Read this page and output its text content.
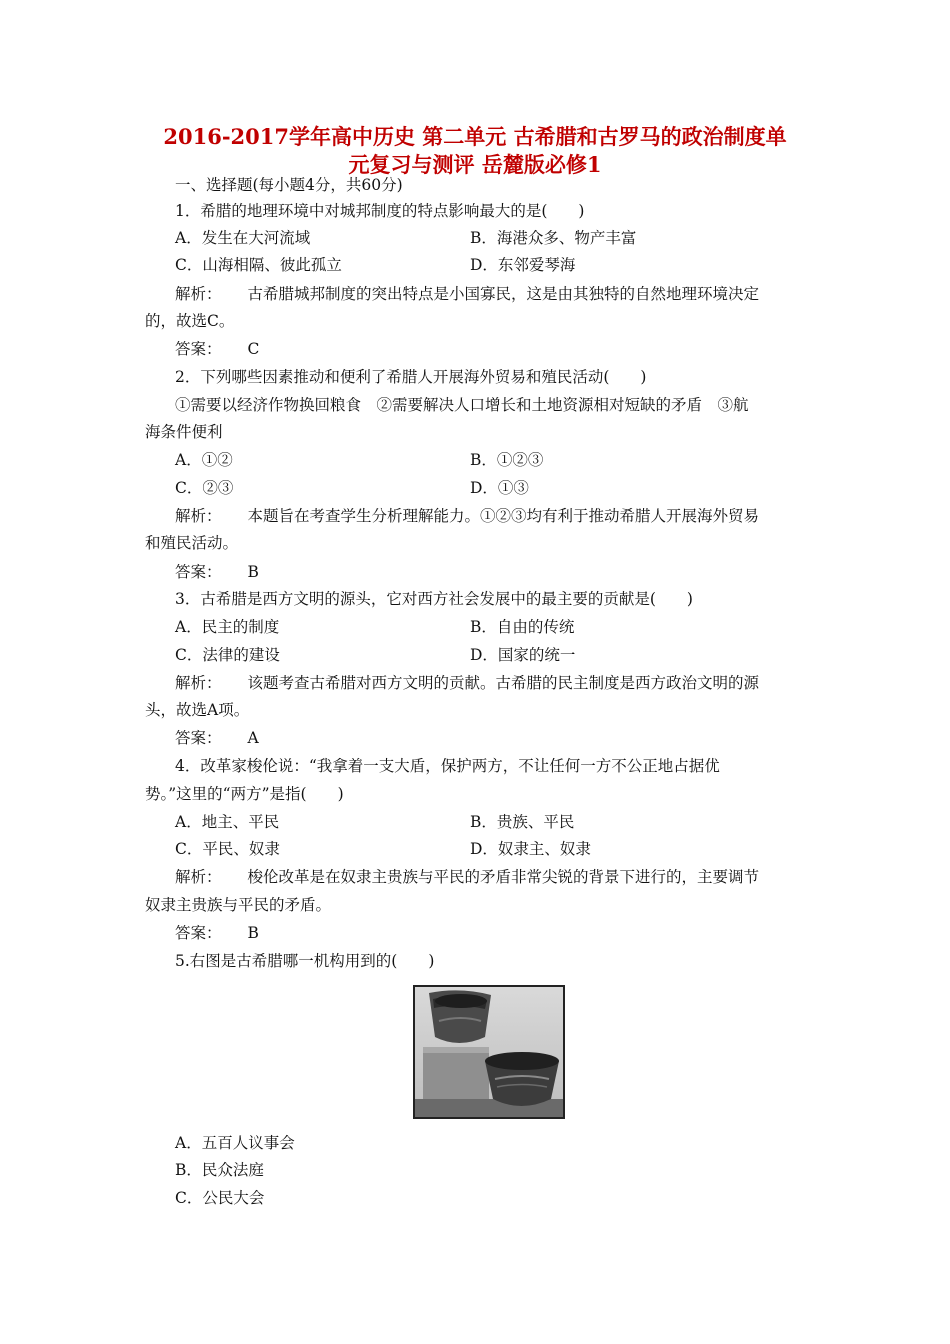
2016-2017学年高中历史 第二单元 古希腊和古罗马的政治制度单

元复习与测评 岳麓版必修1

一、选择题(每小题4分，共60分)
1．希腊的地理环境中对城邦制度的特点影响最大的是(　　)
A．发生在大河流域	B．海港众多、物产丰富
C．山海相隔、彼此孤立	D．东邻爱琴海
解析： 古希腊城邦制度的突出特点是小国寡民，这是由其独特的自然地理环境决定
的，故选C。
答案： C
2．下列哪些因素推动和便利了希腊人开展海外贸易和殖民活动(　　)
①需要以经济作物换回粮食　②需要解决人口增长和土地资源相对短缺的矛盾　③航
海条件便利
A．①②	B．①②③
C．②③	D．①③
解析： 本题旨在考查学生分析理解能力。①②③均有利于推动希腊人开展海外贸易
和殖民活动。
答案： B
3．古希腊是西方文明的源头，它对西方社会发展中的最主要的贡献是(　　)
A．民主的制度	B．自由的传统
C．法律的建设	D．国家的统一
解析： 该题考查古希腊对西方文明的贡献。古希腊的民主制度是西方政治文明的源
头，故选A项。
答案： A
4．改革家梭伦说：“我拿着一支大盾，保护两方，不让任何一方不公正地占据优
势。”这里的“两方”是指(　　)
A．地主、平民	B．贵族、平民
C．平民、奴隶	D．奴隶主、奴隶
解析： 梭伦改革是在奴隶主贵族与平民的矛盾非常尖锐的背景下进行的，主要调节
奴隶主贵族与平民的矛盾。
答案： B
5.右图是古希腊哪一机构用到的(　　)
A．五百人议事会
B．民众法庭
C．公民大会
